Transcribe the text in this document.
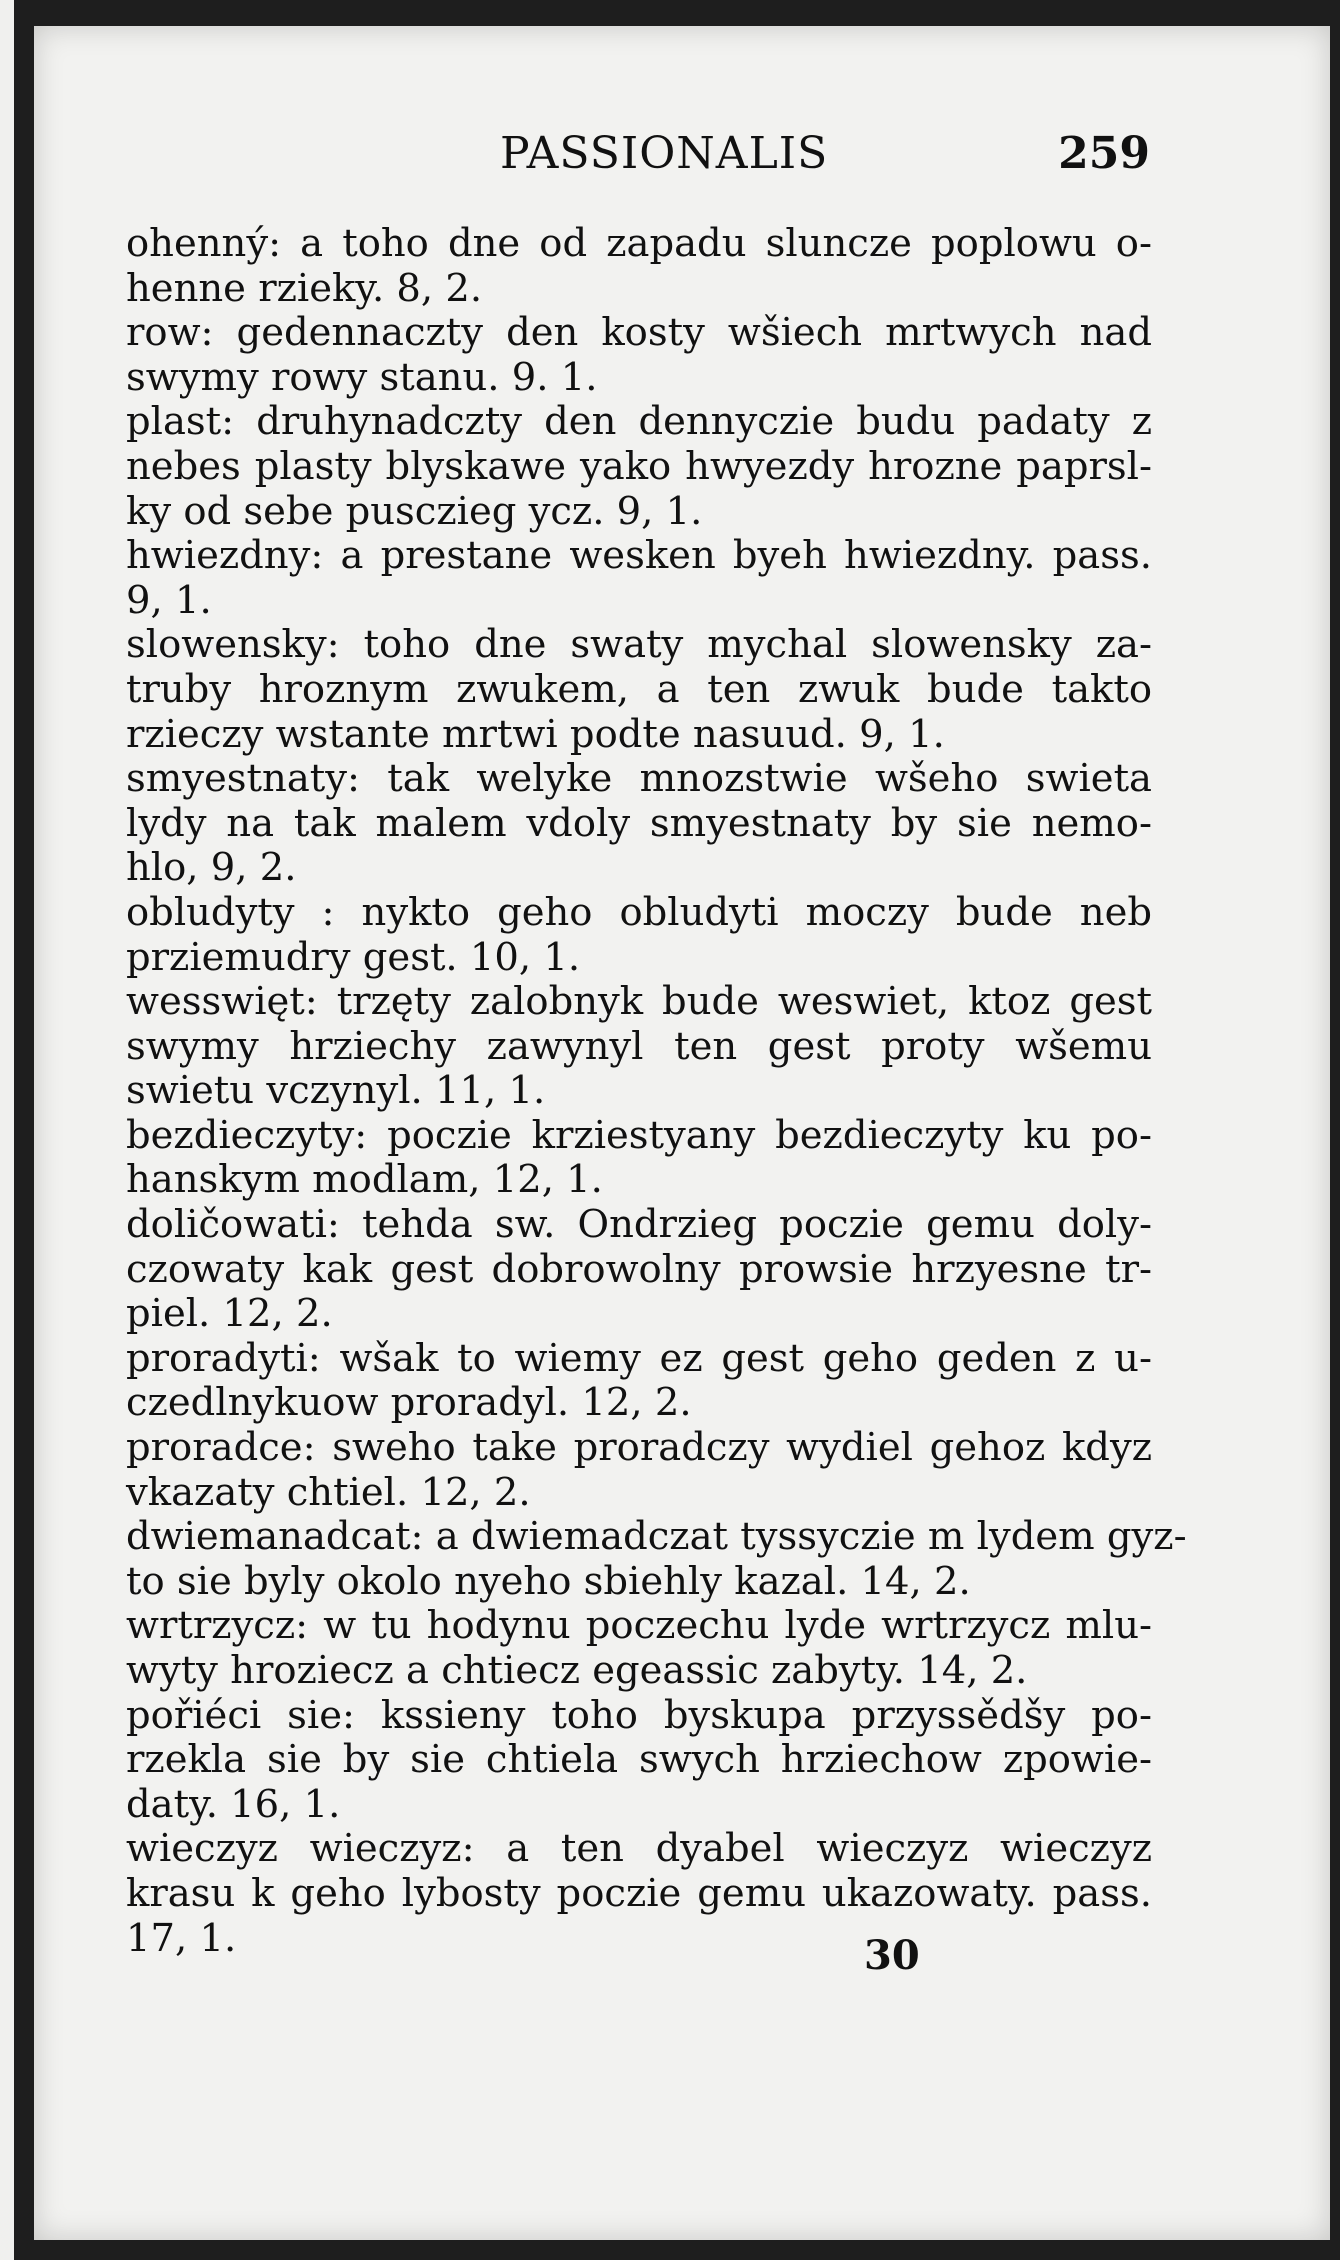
PASSIONALIS	259
ohenný: a toho dne od zapadu sluncze poplowu o-
henne rzieky. 8, 2.
row: gedennaczty den kosty wšiech mrtwych nad
swymy rowy stanu. 9. 1.
plast: druhynadczty den dennyczie budu padaty z
nebes plasty blyskawe yako hwyezdy hrozne paprsl-
ky od sebe pusczieg ycz. 9, 1.
hwiezdny: a prestane wesken byeh hwiezdny. pass.
9, 1.
slowensky: toho dne swaty mychal slowensky za-
truby hroznym zwukem, a ten zwuk bude takto
rzieczy wstante mrtwi podte nasuud. 9, 1.
smyestnaty: tak welyke mnozstwie wšeho swieta
lydy na tak malem vdoly smyestnaty by sie nemo-
hlo, 9, 2.
obludyty : nykto geho obludyti moczy bude neb
prziemudry gest. 10, 1.
wesswięt: trzęty zalobnyk bude weswiet, ktoz gest
swymy hrziechy zawynyl ten gest proty wšemu
swietu vczynyl. 11, 1.
bezdieczyty: poczie krziestyany bezdieczyty ku po-
hanskym modlam, 12, 1.
doličowati: tehda sw. Ondrzieg poczie gemu doly-
czowaty kak gest dobrowolny prowsie hrzyesne tr-
piel. 12, 2.
proradyti: wšak to wiemy ez gest geho geden z u-
czedlnykuow proradyl. 12, 2.
proradce: sweho take proradczy wydiel gehoz kdyz
vkazaty chtiel. 12, 2.
dwiemanadcat: a dwiemadczat tyssyczie m lydem gyz-
to sie byly okolo nyeho sbiehly kazal. 14, 2.
wrtrzycz: w tu hodynu poczechu lyde wrtrzycz mlu-
wyty hroziecz a chtiecz egeassic zabyty. 14, 2.
pořiéci sie: kssieny toho byskupa przyssědšy po-
rzekla sie by sie chtiela swych hrziechow zpowie-
daty. 16, 1.
wieczyz wieczyz: a ten dyabel wieczyz wieczyz
krasu k geho lybosty poczie gemu ukazowaty. pass.
17, 1.	30
